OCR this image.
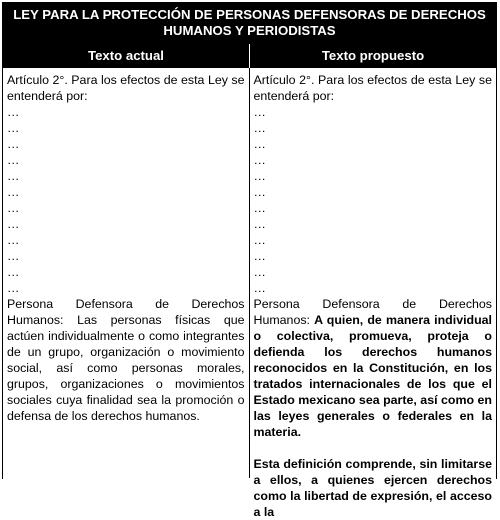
LEY PARA LA PROTECCIÓN DE PERSONAS DEFENSORAS DE DERECHOS HUMANOS Y PERIODISTAS
Texto actual	Texto propuesto
Artículo 2°. Para los efectos de esta Ley se entenderá por:
…
…
…
…
…
…
…
…
…
…
…
…

Persona Defensora de Derechos Humanos: Las personas físicas que actúen individualmente o como integrantes de un grupo, organización o movimiento social, así como personas morales, grupos, organizaciones o movimientos sociales cuya finalidad sea la promoción o defensa de los derechos humanos.

Artículo 2°. Para los efectos de esta Ley se entenderá por:
…
…
…
…
…
…
…
…
…
…
…
…

Persona Defensora de Derechos Humanos: A quien, de manera individual o colectiva, promueva, proteja o defienda los derechos humanos reconocidos en la Constitución, en los tratados internacionales de los que el Estado mexicano sea parte, así como en las leyes generales o federales en la materia.

Esta definición comprende, sin limitarse a ellos, a quienes ejercen derechos como la libertad de expresión, el acceso a la
